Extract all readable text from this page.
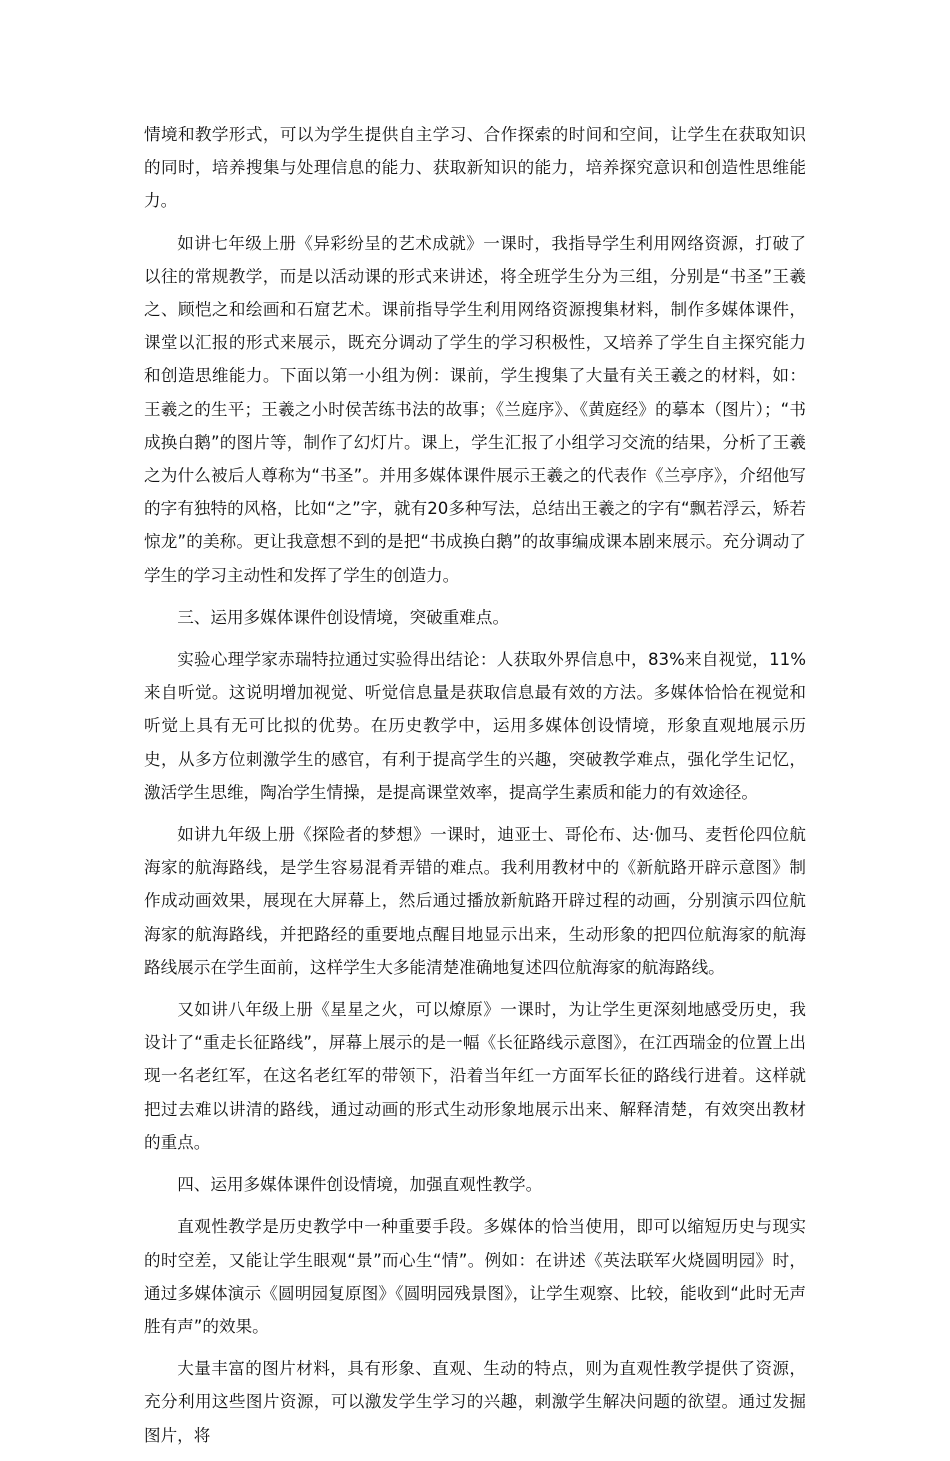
情境和教学形式，可以为学生提供自主学习、合作探索的时间和空间，让学生在获取知识的同时，培养搜集与处理信息的能力、获取新知识的能力，培养探究意识和创造性思维能力。

如讲七年级上册《异彩纷呈的艺术成就》一课时，我指导学生利用网络资源，打破了以往的常规教学，而是以活动课的形式来讲述，将全班学生分为三组，分别是“书圣”王羲之、顾恺之和绘画和石窟艺术。课前指导学生利用网络资源搜集材料，制作多媒体课件，课堂以汇报的形式来展示，既充分调动了学生的学习积极性，又培养了学生自主探究能力和创造思维能力。下面以第一小组为例：课前，学生搜集了大量有关王羲之的材料，如：王羲之的生平；王羲之小时侯苦练书法的故事；《兰庭序》、《黄庭经》的摹本（图片）；“书成换白鹅”的图片等，制作了幻灯片。课上，学生汇报了小组学习交流的结果，分析了王羲之为什么被后人尊称为“书圣”。并用多媒体课件展示王羲之的代表作《兰亭序》，介绍他写的字有独特的风格，比如“之”字，就有20多种写法，总结出王羲之的字有“飘若浮云，矫若惊龙”的美称。更让我意想不到的是把“书成换白鹅”的故事编成课本剧来展示。充分调动了学生的学习主动性和发挥了学生的创造力。

三、运用多媒体课件创设情境，突破重难点。

实验心理学家赤瑞特拉通过实验得出结论：人获取外界信息中，83%来自视觉，11%来自听觉。这说明增加视觉、听觉信息量是获取信息最有效的方法。多媒体恰恰在视觉和听觉上具有无可比拟的优势。在历史教学中，运用多媒体创设情境，形象直观地展示历史，从多方位刺激学生的感官，有利于提高学生的兴趣，突破教学难点，强化学生记忆，激活学生思维，陶冶学生情操，是提高课堂效率，提高学生素质和能力的有效途径。

如讲九年级上册《探险者的梦想》一课时，迪亚士、哥伦布、达·伽马、麦哲伦四位航海家的航海路线，是学生容易混肴弄错的难点。我利用教材中的《新航路开辟示意图》制作成动画效果，展现在大屏幕上，然后通过播放新航路开辟过程的动画，分别演示四位航海家的航海路线，并把路经的重要地点醒目地显示出来，生动形象的把四位航海家的航海路线展示在学生面前，这样学生大多能清楚准确地复述四位航海家的航海路线。

又如讲八年级上册《星星之火，可以燎原》一课时，为让学生更深刻地感受历史，我设计了“重走长征路线”，屏幕上展示的是一幅《长征路线示意图》，在江西瑞金的位置上出现一名老红军，在这名老红军的带领下，沿着当年红一方面军长征的路线行进着。这样就把过去难以讲清的路线，通过动画的形式生动形象地展示出来、解释清楚，有效突出教材的重点。

四、运用多媒体课件创设情境，加强直观性教学。

直观性教学是历史教学中一种重要手段。多媒体的恰当使用，即可以缩短历史与现实的时空差，又能让学生眼观“景”而心生“情”。例如：在讲述《英法联军火烧圆明园》时，通过多媒体演示《圆明园复原图》《圆明园残景图》，让学生观察、比较，能收到“此时无声胜有声”的效果。

大量丰富的图片材料，具有形象、直观、生动的特点，则为直观性教学提供了资源，充分利用这些图片资源，可以激发学生学习的兴趣，刺激学生解决问题的欲望。通过发掘图片，将
